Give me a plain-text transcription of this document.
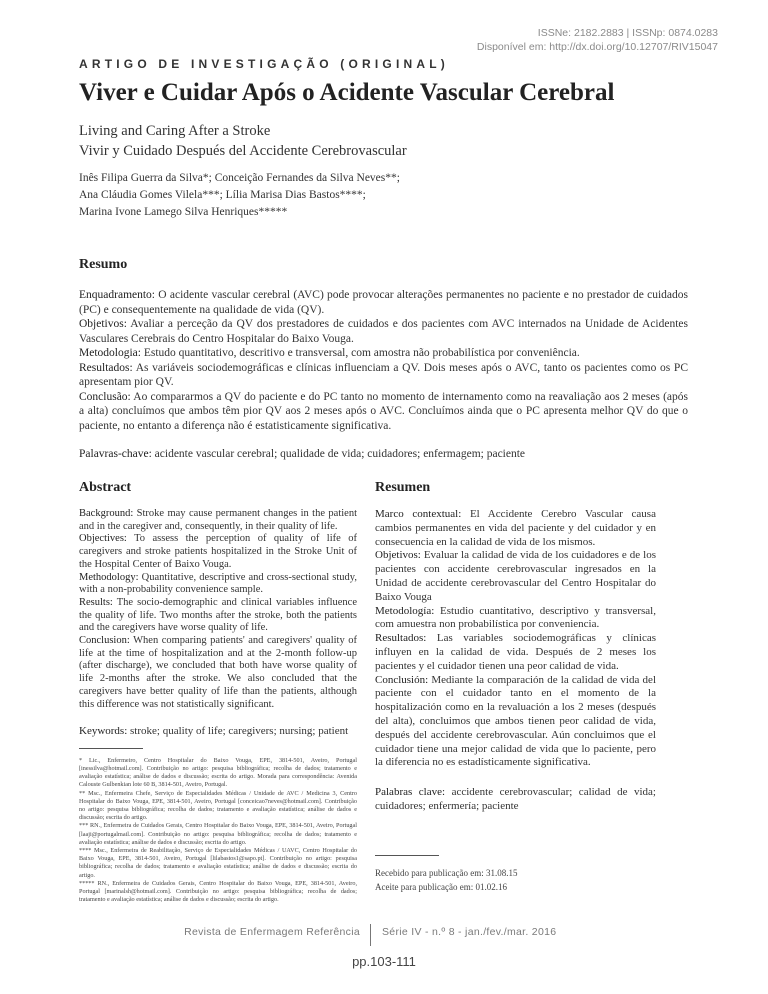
ISSNe: 2182.2883 | ISSNp: 0874.0283
Disponível em: http://dx.doi.org/10.12707/RIV15047
ARTIGO DE INVESTIGAÇÃO (ORIGINAL)
Viver e Cuidar Após o Acidente Vascular Cerebral
Living and Caring After a Stroke
Vivir y Cuidado Después del Accidente Cerebrovascular
Inês Filipa Guerra da Silva*; Conceição Fernandes da Silva Neves**;
Ana Cláudia Gomes Vilela***; Lília Marisa Dias Bastos****;
Marina Ivone Lamego Silva Henriques*****
Resumo
Enquadramento: O acidente vascular cerebral (AVC) pode provocar alterações permanentes no paciente e no prestador de cuidados (PC) e consequentemente na qualidade de vida (QV).
Objetivos: Avaliar a perceção da QV dos prestadores de cuidados e dos pacientes com AVC internados na Unidade de Acidentes Vasculares Cerebrais do Centro Hospitalar do Baixo Vouga.
Metodologia: Estudo quantitativo, descritivo e transversal, com amostra não probabilística por conveniência.
Resultados: As variáveis sociodemográficas e clínicas influenciam a QV. Dois meses após o AVC, tanto os pacientes como os PC apresentam pior QV.
Conclusão: Ao compararmos a QV do paciente e do PC tanto no momento de internamento como na reavaliação aos 2 meses (após a alta) concluímos que ambos têm pior QV aos 2 meses após o AVC. Concluímos ainda que o PC apresenta melhor QV do que o paciente, no entanto a diferença não é estatisticamente significativa.
Palavras-chave: acidente vascular cerebral; qualidade de vida; cuidadores; enfermagem; paciente
Abstract
Background: Stroke may cause permanent changes in the patient and in the caregiver and, consequently, in their quality of life.
Objectives: To assess the perception of quality of life of caregivers and stroke patients hospitalized in the Stroke Unit of the Hospital Center of Baixo Vouga.
Methodology: Quantitative, descriptive and cross-sectional study, with a non-probability convenience sample.
Results: The socio-demographic and clinical variables influence the quality of life. Two months after the stroke, both the patients and the caregivers have worse quality of life.
Conclusion: When comparing patients' and caregivers' quality of life at the time of hospitalization and at the 2-month follow-up (after discharge), we concluded that both have worse quality of life 2-months after the stroke. We also concluded that the caregivers have better quality of life than the patients, although this difference was not statistically significant.
Keywords: stroke; quality of life; caregivers; nursing; patient

* Lic., Enfermeiro, Centro Hospitalar do Baixo Vouga, EPE, 3814-501, Aveiro, Portugal [inessilva@hotmail.com]. Contribuição no artigo: pesquisa bibliográfica; recolha de dados; tratamento e avaliação estatística; análise de dados e discussão; escrita do artigo. Morada para correspondência: Avenida Calouste Gulbenkian lote 60 B, 3814-501, Aveiro, Portugal.

** Msc., Enfermeira Chefe, Serviço de Especialidades Médicas / Unidade de AVC / Medicina 3, Centro Hospitalar do Baixo Vouga, EPE, 3814-501, Aveiro, Portugal [conceicao7neves@hotmail.com]. Contribuição no artigo: pesquisa bibliográfica; recolha de dados; tratamento e avaliação estatística; análise de dados e discussão; escrita do artigo.

*** RN., Enfermeira de Cuidados Gerais, Centro Hospitalar do Baixo Vouga, EPE, 3814-501, Aveiro, Portugal [laaji@portugalmail.com]. Contribuição no artigo: pesquisa bibliográfica; recolha de dados; tratamento e avaliação estatística; análise de dados e discussão; escrita do artigo.

**** Msc., Enfermeira de Reabilitação, Serviço de Especialidades Médicas / UAVC, Centro Hospitalar do Baixo Vouga, EPE, 3814-501, Aveiro, Portugal [lilabastos1@sapo.pt]. Contribuição no artigo: pesquisa bibliográfica; recolha de dados; tratamento e avaliação estatística; análise de dados e discussão; escrita do artigo.

***** RN., Enfermeira de Cuidados Gerais, Centro Hospitalar do Baixo Vouga, EPE, 3814-501, Aveiro, Portugal [marinalsh@hotmail.com]. Contribuição no artigo: pesquisa bibliográfica; recolha de dados; tratamento e avaliação estatística; análise de dados e discussão; escrita do artigo.

Resumen
Marco contextual: El Accidente Cerebro Vascular causa cambios permanentes en vida del paciente y del cuidador y en consecuencia en la calidad de vida de los mismos.
Objetivos: Evaluar la calidad de vida de los cuidadores e de los pacientes con accidente cerebrovascular ingresados en la Unidad de accidente cerebrovascular del Centro Hospitalar do Baixo Vouga
Metodología: Estudio cuantitativo, descriptivo y transversal, com amuestra non probabilística por conveniencia.
Resultados: Las variables sociodemográficas y clínicas influyen en la calidad de vida. Después de 2 meses los pacientes y el cuidador tienen una peor calidad de vida.
Conclusión: Mediante la comparación de la calidad de vida del paciente con el cuidador tanto en el momento de la hospitalización como en la revaluación a los 2 meses (después del alta), concluimos que ambos tienen peor calidad de vida, después del accidente cerebrovascular. Aún concluimos que el cuidador tiene una mejor calidad de vida que lo paciente, pero la diferencia no es estadísticamente significativa.
Palabras clave: accidente cerebrovascular; calidad de vida; cuidadores; enfermería; paciente
Recebido para publicação em: 31.08.15
Aceite para publicação em: 01.02.16
Revista de Enfermagem Referência Série IV - n.º 8 - jan./fev./mar. 2016
pp.103-111
